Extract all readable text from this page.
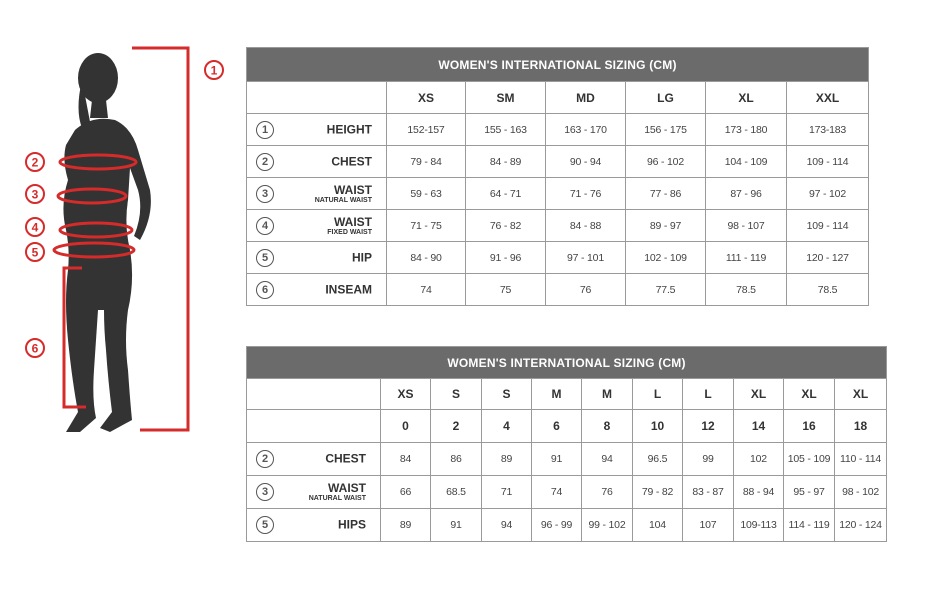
1
2
3
4
5
6
WOMEN'S INTERNATIONAL SIZING (CM)						
	XS	SM	MD	LG	XL	XXL

1 HEIGHT	152-157	155 - 163	163 - 170	156 - 175	173 - 180	173-183

2 CHEST	79 - 84	84 - 89	90 - 94	96 - 102	104 - 109	109 - 114

3 WAIST
NATURAL WAIST	59 - 63	64 - 71	71 - 76	77 - 86	87 - 96	97 - 102

4 WAIST
FIXED WAIST	71 - 75	76 - 82	84 - 88	89 - 97	98 - 107	109 - 114

5 HIP	84 - 90	91 - 96	97 - 101	102 - 109	111 - 119	120 - 127

6 INSEAM	74	75	76	77.5	78.5	78.5
WOMEN'S INTERNATIONAL SIZING (CM)										
	XS	S	S	M	M	L	L	XL	XL	XL
	0	2	4	6	8	10	12	14	16	18

2 CHEST	84	86	89	91	94	96.5	99	102	105 - 109	110 - 114

3 WAIST
NATURAL WAIST	66	68.5	71	74	76	79 - 82	83 - 87	88 - 94	95 - 97	98 - 102

5 HIPS	89	91	94	96 - 99	99 - 102	104	107	109-113	114 - 119	120 - 124
